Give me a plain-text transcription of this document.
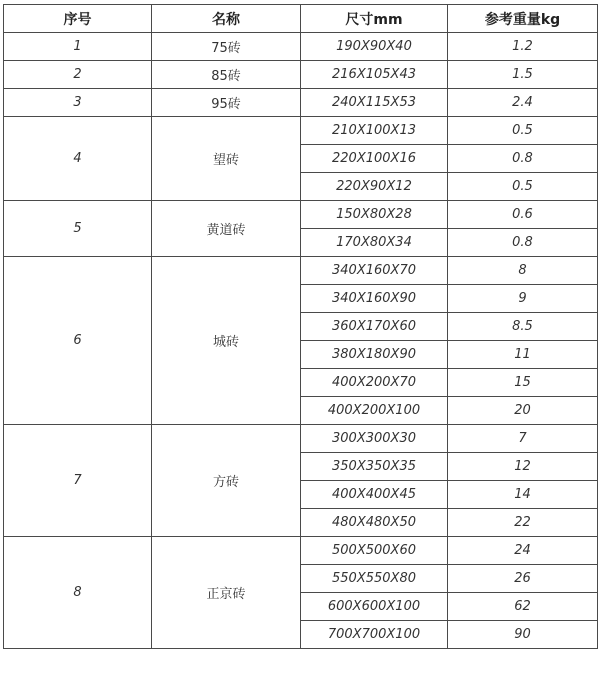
序号	名称	尺寸mm	参考重量kg
1	75砖	190X90X40	1.2
2	85砖	216X105X43	1.5
3	95砖	240X115X53	2.4
4	望砖	210X100X13	0.5
		220X100X16	0.8
		220X90X12	0.5
5	黄道砖	150X80X28	0.6
		170X80X34	0.8
6	城砖	340X160X70	8
		340X160X90	9
		360X170X60	8.5
		380X180X90	11
		400X200X70	15
		400X200X100	20
7	方砖	300X300X30	7
		350X350X35	12
		400X400X45	14
		480X480X50	22
8	正京砖	500X500X60	24
		550X550X80	26
		600X600X100	62
		700X700X100	90
